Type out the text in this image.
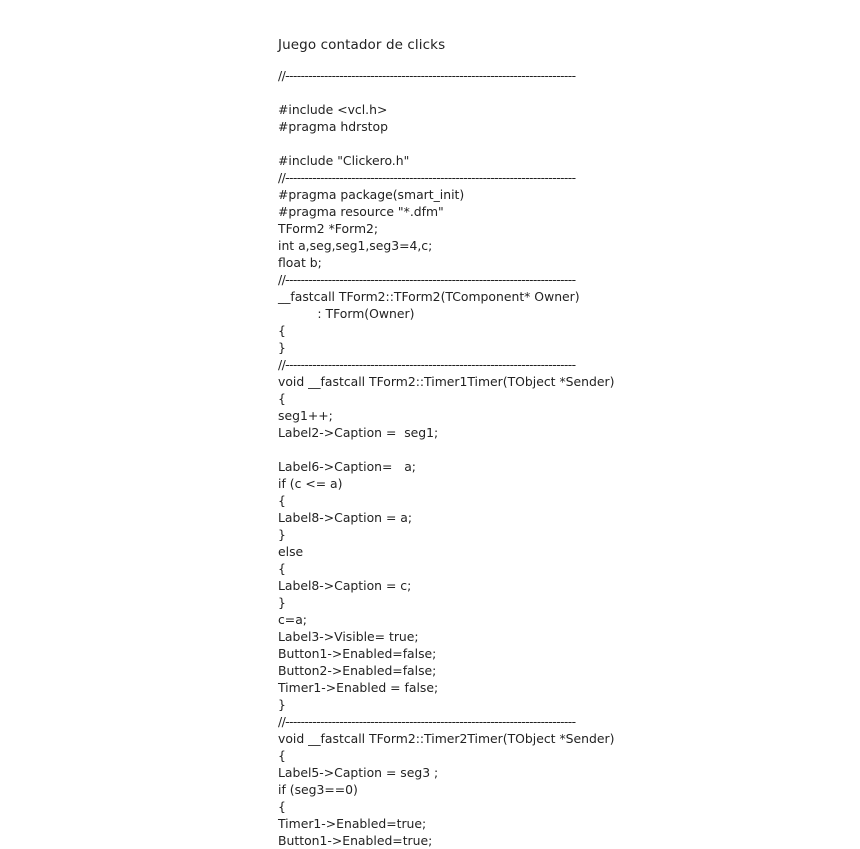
Juego contador de clicks
//---------------------------------------------------------------------------
#include <vcl.h>
#pragma hdrstop
#include "Clickero.h"
//---------------------------------------------------------------------------
#pragma package(smart_init)
#pragma resource "*.dfm"
TForm2 *Form2;
int a,seg,seg1,seg3=4,c;
float b;
//---------------------------------------------------------------------------
__fastcall TForm2::TForm2(TComponent* Owner)
: TForm(Owner)
{
}
//---------------------------------------------------------------------------
void __fastcall TForm2::Timer1Timer(TObject *Sender)
{
seg1++;
Label2->Caption =  seg1;
Label6->Caption=   a;
if (c <= a)
{
Label8->Caption = a;
}
else
{
Label8->Caption = c;
}
c=a;
Label3->Visible= true;
Button1->Enabled=false;
Button2->Enabled=false;
Timer1->Enabled = false;
}
//---------------------------------------------------------------------------
void __fastcall TForm2::Timer2Timer(TObject *Sender)
{
Label5->Caption = seg3 ;
if (seg3==0)
{
Timer1->Enabled=true;
Button1->Enabled=true;
